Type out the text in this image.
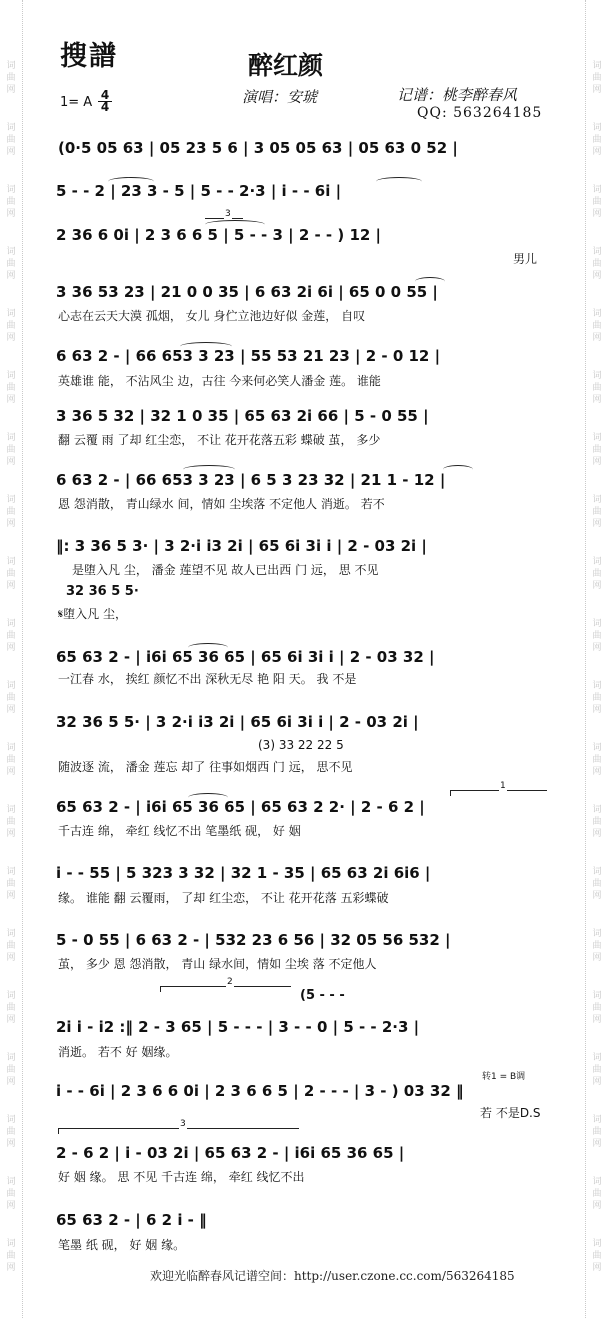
词曲网
词曲网
词曲网
词曲网
词曲网
词曲网
词曲网
词曲网
词曲网
词曲网
词曲网
词曲网
词曲网
词曲网
词曲网
词曲网
词曲网
词曲网
词曲网
词曲网
词曲网
词曲网
词曲网
词曲网
词曲网
词曲网
词曲网
词曲网
词曲网
词曲网
词曲网
词曲网
词曲网
词曲网
词曲网
词曲网
词曲网
词曲网
词曲网
词曲网
搜譜	醉红颜
演唱：安琥	记谱：桃李醉春风
QQ: 563264185
1= A 4
4
(0·5 05 63 | 05 23 5 6 | 3 05 05 63 | 05 63 0 52 |
5 - - 2 | 23 3 - 5 | 5 - - 2·3 | i - - 6i |
2 36 6 0i | 2 3 6 6 5 | 5 - - 3 | 2 - - ) 12 |
男儿
3 36 53 23 | 21 0 0 35 | 6 63 2i 6i | 65 0 0 55 |
心志在云天大漠 孤烟， 女儿 身伫立池边好似 金莲， 自叹
6 63 2 - | 66 653 3 23 | 55 53 21 23 | 2 - 0 12 |
英雄谁 能， 不沾风尘 边，古往 今来何必笑人潘金 莲。 谁能
3 36 5 32 | 32 1 0 35 | 65 63 2i 66 | 5 - 0 55 |
翻 云覆 雨 了却 红尘恋， 不让 花开花落五彩 蝶破 茧， 多少
6 63 2 - | 66 653 3 23 | 6 5 3 23 32 | 21 1 - 12 |
恩 怨消散， 青山绿水 间，情如 尘埃落 不定他人 消逝。 若不
‖: 3 36 5 3· | 3 2·i i3 2i | 65 6i 3i i | 2 - 03 2i |
是堕入凡 尘， 潘金 莲望不见 故人已出西 门 远， 思 不见
32 36 5 5·
𝄋堕入凡 尘，
65 63 2 - | i6i 65 36 65 | 65 6i 3i i | 2 - 03 32 |
一江春 水， 挨红 颜忆不出 深秋无尽 艳 阳 天。 我 不是
32 36 5 5· | 3 2·i i3 2i | 65 6i 3i i | 2 - 03 2i |
(3) 33 22 22 5
随波逐 流， 潘金 莲忘 却了 往事如烟西 门 远， 思不见
65 63 2 - | i6i 65 36 65 | 65 63 2 2· | 2 - 6 2 |
千古连 绵， 牵红 线忆不出 笔墨纸 砚， 好 姻
i - - 55 | 5 323 3 32 | 32 1 - 35 | 65 63 2i 6i6 |
缘。 谁能 翻 云覆雨， 了却 红尘恋， 不让 花开花落 五彩蝶破
5 - 0 55 | 6 63 2 - | 532 23 6 56 | 32 05 56 532 |
茧， 多少 恩 怨消散， 青山 绿水间，情如 尘埃 落 不定他人
(5 - - -
2i i - i2 :‖ 2 - 3 65 | 5 - - - | 3 - - 0 | 5 - - 2·3 |
消逝。 若不 好 姻缘。
转1 = B调
i - - 6i | 2 3 6 6 0i | 2 3 6 6 5 | 2 - - - | 3 - ) 03 32 ‖
若 不是D.S
2 - 6 2 | i - 03 2i | 65 63 2 - | i6i 65 36 65 |
好 姻 缘。 思 不见 千古连 绵， 牵红 线忆不出
65 63 2 - | 6 2 i - ‖
笔墨 纸 砚， 好 姻 缘。
1
2
3
3
欢迎光临醉春风记谱空间：http://user.czone.cc.com/563264185
